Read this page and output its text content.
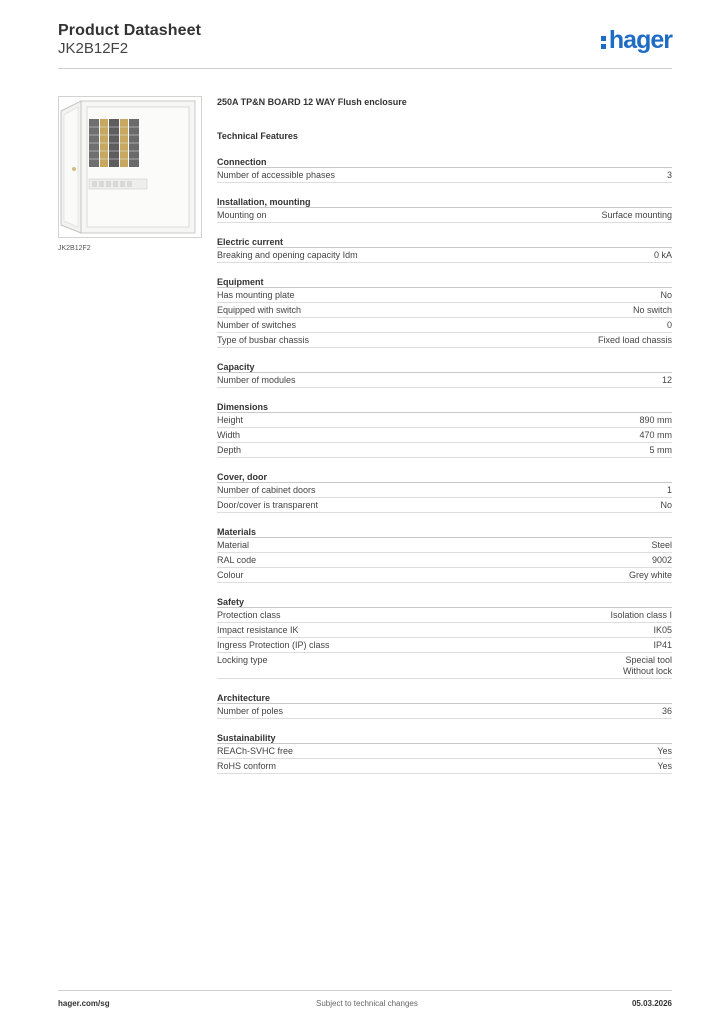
Product Datasheet
JK2B12F2	hager
JK2B12F2
250A TP&N BOARD 12 WAY Flush enclosure
Technical Features
Connection
Number of accessible phases	3
Installation, mounting
Mounting on	Surface mounting
Electric current
Breaking and opening capacity Idm	0 kA
Equipment
Has mounting plate	No
Equipped with switch	No switch
Number of switches	0
Type of busbar chassis	Fixed load chassis
Capacity
Number of modules	12
Dimensions
Height	890 mm
Width	470 mm
Depth	5 mm
Cover, door
Number of cabinet doors	1
Door/cover is transparent	No
Materials
Material	Steel
RAL code	9002
Colour	Grey white
Safety
Protection class	Isolation class I
Impact resistance IK	IK05
Ingress Protection (IP) class	IP41
Locking type	Special tool
Without lock
Architecture
Number of poles	36
Sustainability
REACh-SVHC free	Yes
RoHS conform	Yes
hager.com/sg	Subject to technical changes	05.03.2026
